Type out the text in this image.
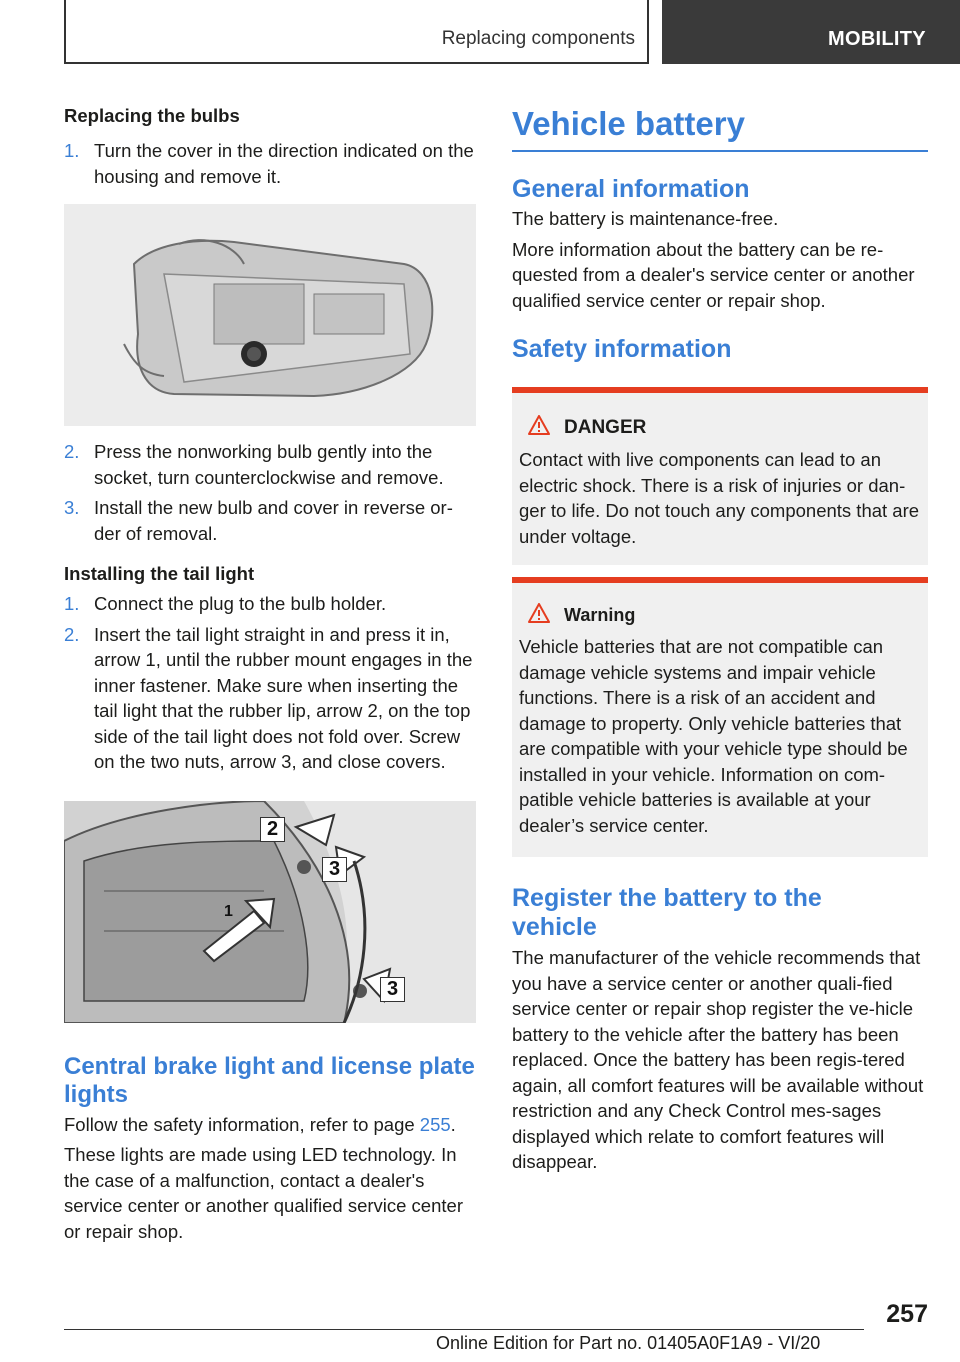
Replacing components	MOBILITY
Replacing the bulbs
1. Turn the cover in the direction indicated on the housing and remove it.
2. Press the nonworking bulb gently into the socket, turn counterclockwise and remove.
3. Install the new bulb and cover in reverse or-der of removal.
Installing the tail light
1. Connect the plug to the bulb holder.
2. Insert the tail light straight in and press it in, arrow 1, until the rubber mount engages in the inner fastener. Make sure when inserting the tail light that the rubber lip, arrow 2, on the top side of the tail light does not fold over. Screw on the two nuts, arrow 3, and close covers.
1
2
3
3
Central brake light and license plate lights

Follow the safety information, refer to page 255.

These lights are made using LED technology. In the case of a malfunction, contact a dealer's service center or another qualified service center or repair shop.

Vehicle battery
General information

The battery is maintenance-free.

More information about the battery can be re-quested from a dealer's service center or another qualified service center or repair shop.

Safety information
DANGER
Contact with live components can lead to an electric shock. There is a risk of injuries or dan-ger to life. Do not touch any components that are under voltage.
Warning
Vehicle batteries that are not compatible can damage vehicle systems and impair vehicle functions. There is a risk of an accident and damage to property. Only vehicle batteries that are compatible with your vehicle type should be installed in your vehicle. Information on com-patible vehicle batteries is available at your dealer’s service center.
Register the battery to the vehicle

The manufacturer of the vehicle recommends that you have a service center or another quali-fied service center or repair shop register the ve-hicle battery to the vehicle after the battery has been replaced. Once the battery has been regis-tered again, all comfort features will be available without restriction and any Check Control mes-sages displayed which relate to comfort features will disappear.

257
Online Edition for Part no. 01405A0F1A9 - VI/20
